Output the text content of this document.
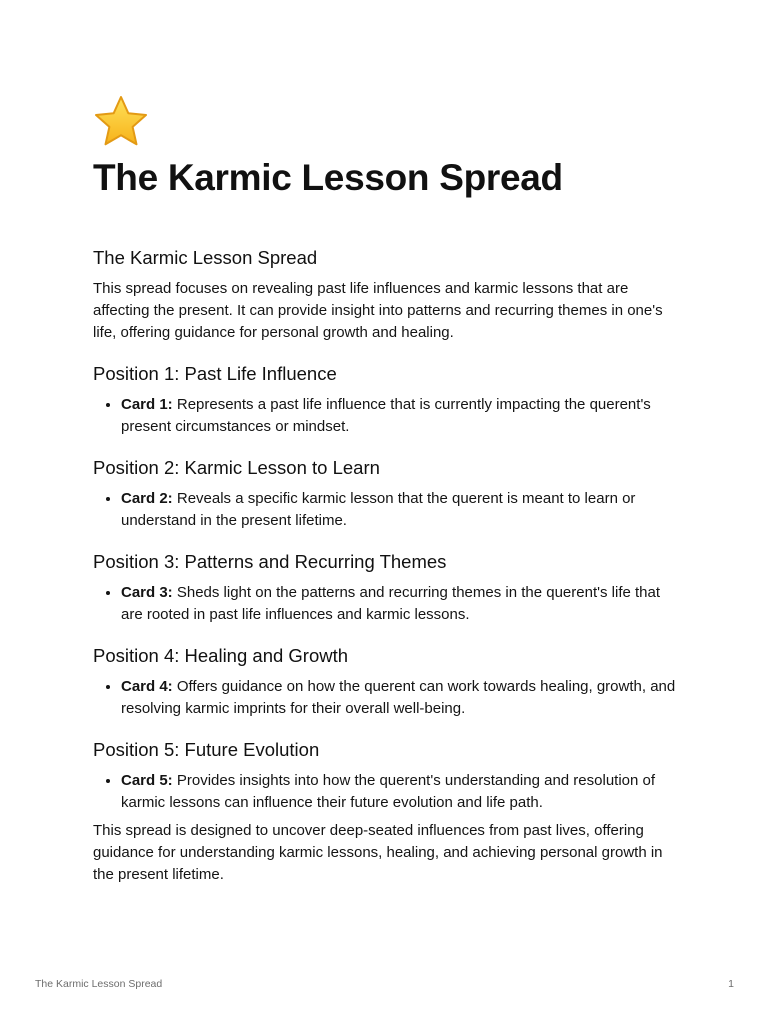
The Karmic Lesson Spread
The Karmic Lesson Spread

This spread focuses on revealing past life influences and karmic lessons that are affecting the present. It can provide insight into patterns and recurring themes in one's life, offering guidance for personal growth and healing.

Position 1: Past Life Influence
• Card 1: Represents a past life influence that is currently impacting the querent's present circumstances or mindset.
Position 2: Karmic Lesson to Learn
• Card 2: Reveals a specific karmic lesson that the querent is meant to learn or understand in the present lifetime.
Position 3: Patterns and Recurring Themes
• Card 3: Sheds light on the patterns and recurring themes in the querent's life that are rooted in past life influences and karmic lessons.
Position 4: Healing and Growth
• Card 4: Offers guidance on how the querent can work towards healing, growth, and resolving karmic imprints for their overall well-being.
Position 5: Future Evolution
• Card 5: Provides insights into how the querent's understanding and resolution of karmic lessons can influence their future evolution and life path.

This spread is designed to uncover deep-seated influences from past lives, offering guidance for understanding karmic lessons, healing, and achieving personal growth in the present lifetime.

The Karmic Lesson Spread	1
